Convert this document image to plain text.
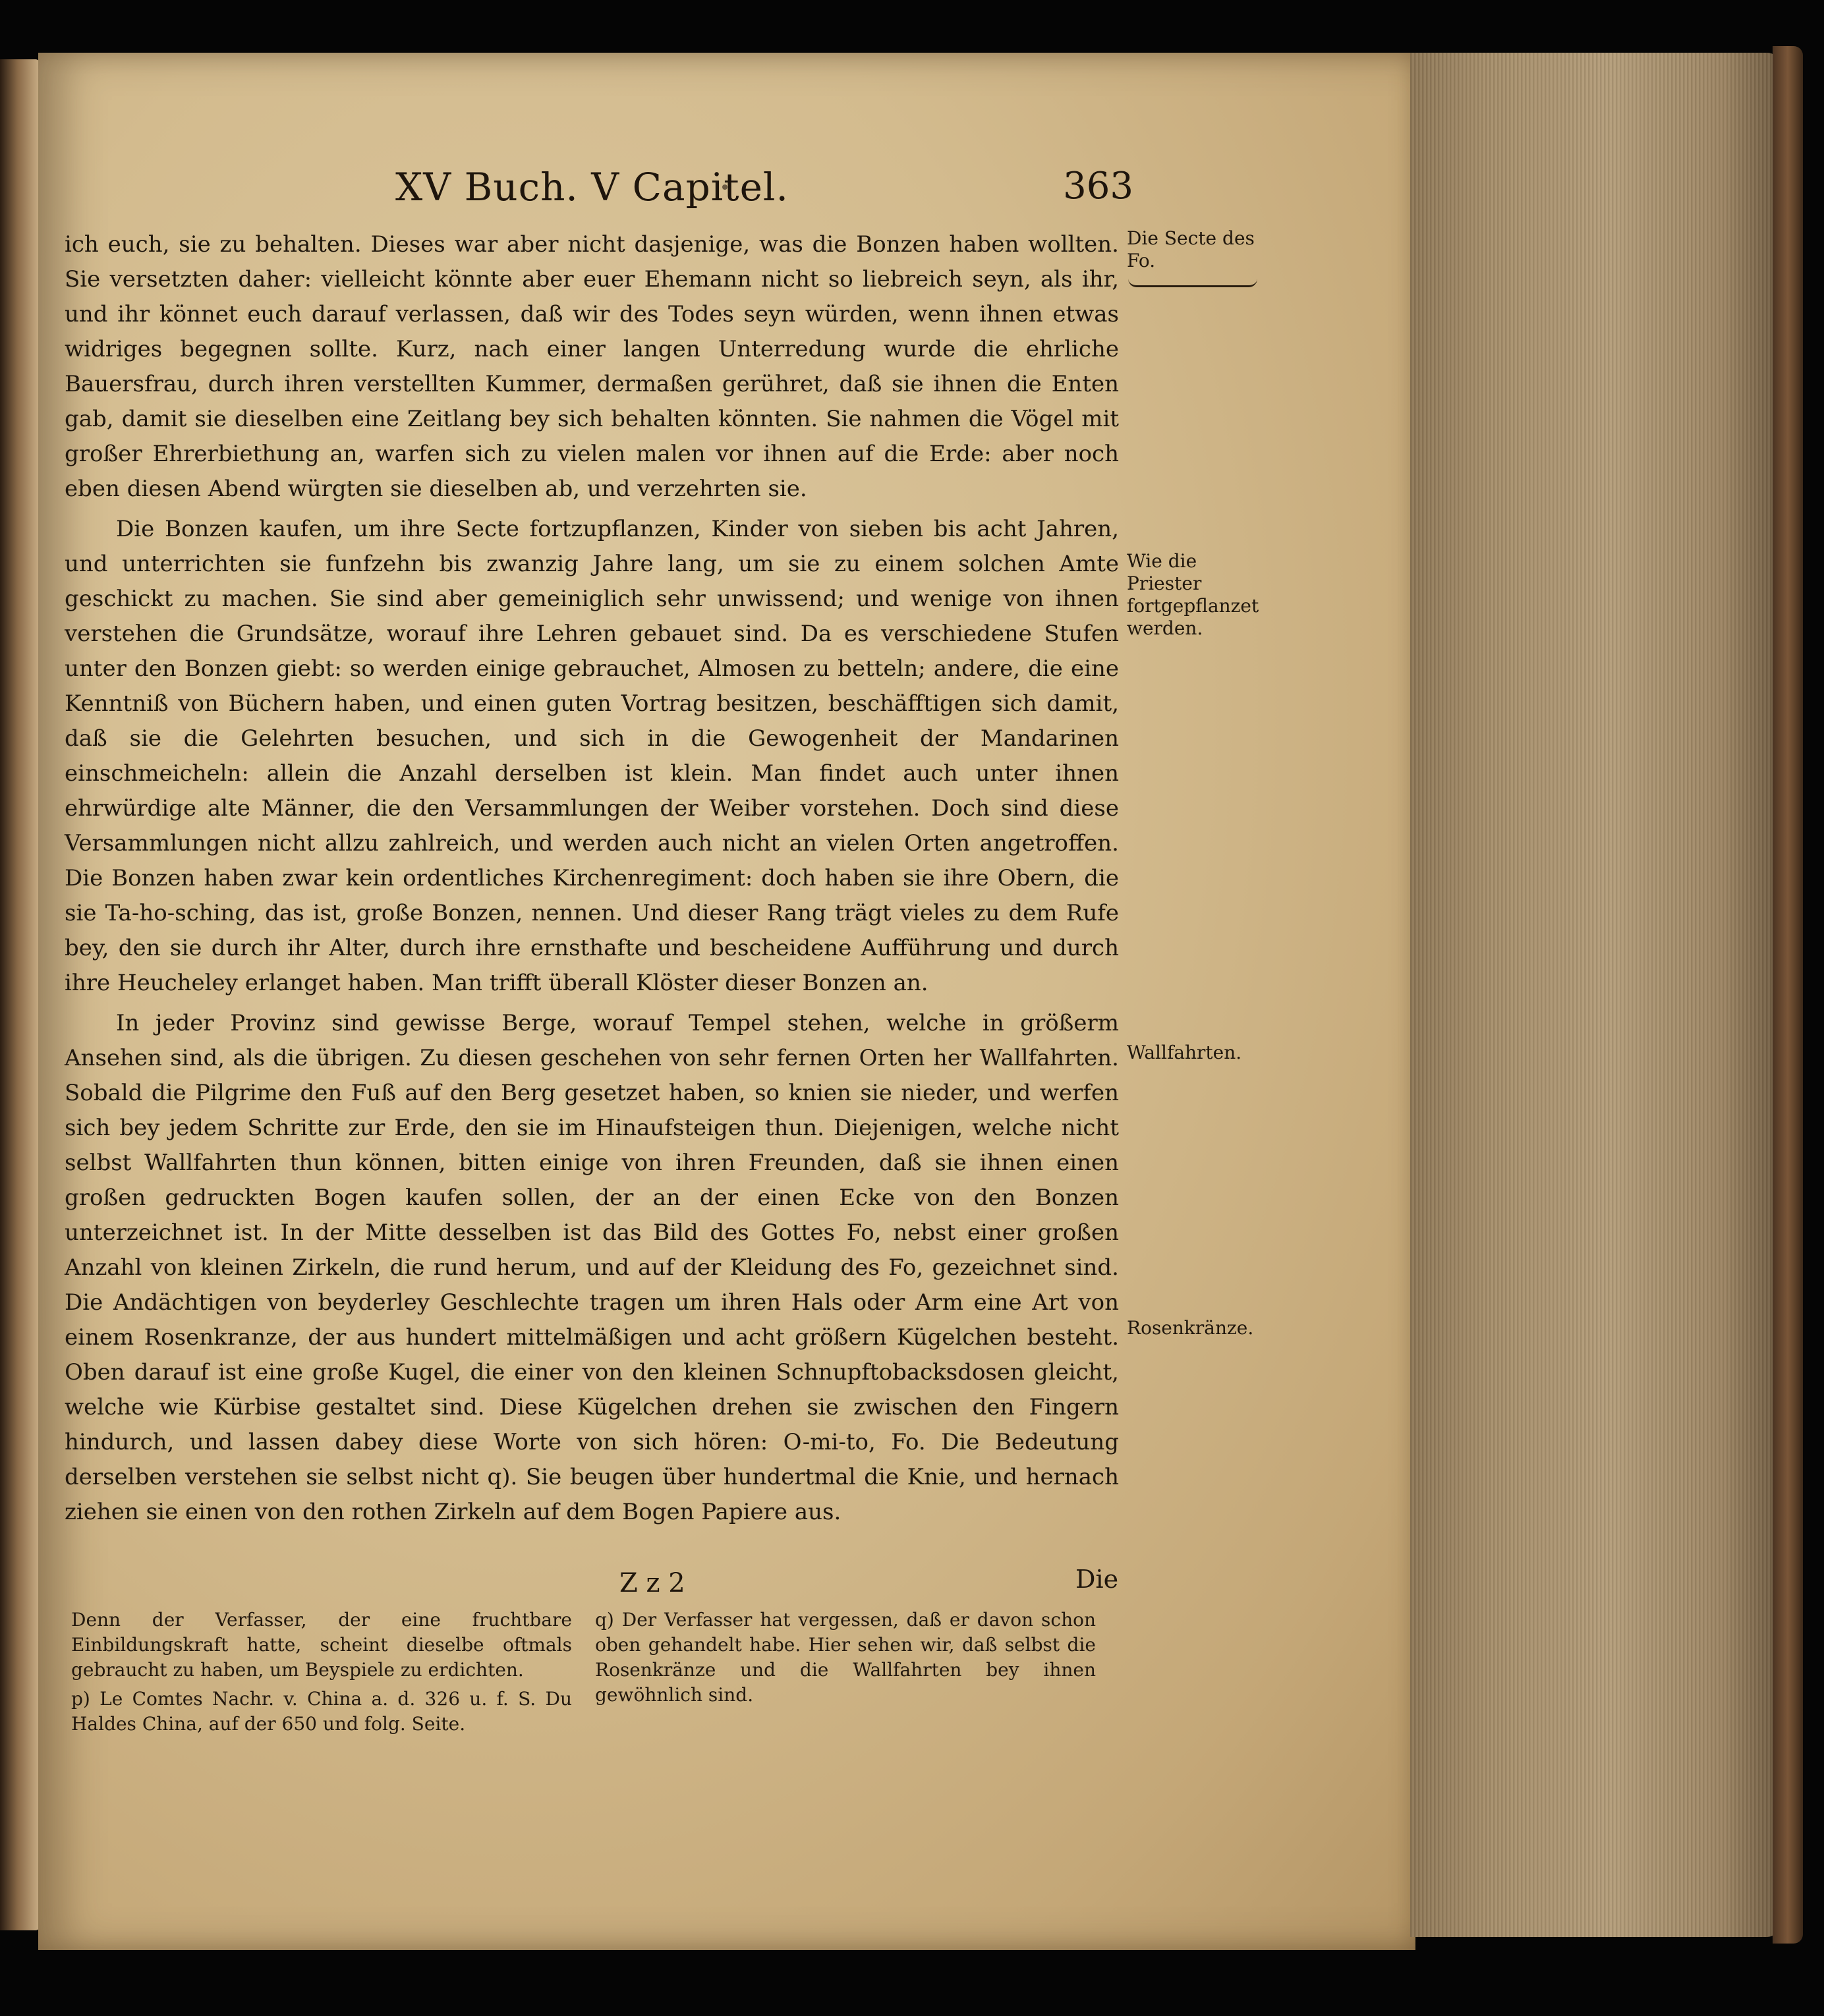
XV Buch. V Capitel.	363

ich euch, sie zu behalten. Dieses war aber nicht dasjenige, was die Bonzen haben wollten. Sie versetzten daher: vielleicht könnte aber euer Ehemann nicht so liebreich seyn, als ihr, und ihr könnet euch darauf verlassen, daß wir des Todes seyn würden, wenn ihnen etwas widriges begegnen sollte. Kurz, nach einer langen Unterredung wurde die ehrliche Bauersfrau, durch ihren verstellten Kummer, dermaßen gerühret, daß sie ihnen die Enten gab, damit sie dieselben eine Zeitlang bey sich behalten könnten. Sie nahmen die Vögel mit großer Ehrerbiethung an, warfen sich zu vielen malen vor ihnen auf die Erde: aber noch eben diesen Abend würgten sie dieselben ab, und verzehrten sie.

Die Bonzen kaufen, um ihre Secte fortzupflanzen, Kinder von sieben bis acht Jahren, und unterrichten sie funfzehn bis zwanzig Jahre lang, um sie zu einem solchen Amte geschickt zu machen. Sie sind aber gemeiniglich sehr unwissend; und wenige von ihnen verstehen die Grundsätze, worauf ihre Lehren gebauet sind. Da es verschiedene Stufen unter den Bonzen giebt: so werden einige gebrauchet, Almosen zu betteln; andere, die eine Kenntniß von Büchern haben, und einen guten Vortrag besitzen, beschäfftigen sich damit, daß sie die Gelehrten besuchen, und sich in die Gewogenheit der Mandarinen einschmeicheln: allein die Anzahl derselben ist klein. Man findet auch unter ihnen ehrwürdige alte Männer, die den Versammlungen der Weiber vorstehen. Doch sind diese Versammlungen nicht allzu zahlreich, und werden auch nicht an vielen Orten angetroffen. Die Bonzen haben zwar kein ordentliches Kirchenregiment: doch haben sie ihre Obern, die sie Ta-ho-sching, das ist, große Bonzen, nennen. Und dieser Rang trägt vieles zu dem Rufe bey, den sie durch ihr Alter, durch ihre ernsthafte und bescheidene Aufführung und durch ihre Heucheley erlanget haben. Man trifft überall Klöster dieser Bonzen an.

In jeder Provinz sind gewisse Berge, worauf Tempel stehen, welche in größerm Ansehen sind, als die übrigen. Zu diesen geschehen von sehr fernen Orten her Wallfahrten. Sobald die Pilgrime den Fuß auf den Berg gesetzet haben, so knien sie nieder, und werfen sich bey jedem Schritte zur Erde, den sie im Hinaufsteigen thun. Diejenigen, welche nicht selbst Wallfahrten thun können, bitten einige von ihren Freunden, daß sie ihnen einen großen gedruckten Bogen kaufen sollen, der an der einen Ecke von den Bonzen unterzeichnet ist. In der Mitte desselben ist das Bild des Gottes Fo, nebst einer großen Anzahl von kleinen Zirkeln, die rund herum, und auf der Kleidung des Fo, gezeichnet sind. Die Andächtigen von beyderley Geschlechte tragen um ihren Hals oder Arm eine Art von einem Rosenkranze, der aus hundert mittelmäßigen und acht größern Kügelchen besteht. Oben darauf ist eine große Kugel, die einer von den kleinen Schnupftobacksdosen gleicht, welche wie Kürbise gestaltet sind. Diese Kügelchen drehen sie zwischen den Fingern hindurch, und lassen dabey diese Worte von sich hören: O-mi-to, Fo. Die Bedeutung derselben verstehen sie selbst nicht q). Sie beugen über hundertmal die Knie, und hernach ziehen sie einen von den rothen Zirkeln auf dem Bogen Papiere aus.

Die Secte des Fo.
Wie die Priester fortgepflanzet werden.
Wallfahrten.
Rosenkränze.
Z z 2	Die

Denn der Verfasser, der eine fruchtbare Einbildungskraft hatte, scheint dieselbe oftmals gebraucht zu haben, um Beyspiele zu erdichten.

p) Le Comtes Nachr. v. China a. d. 326 u. f. S. Du Haldes China, auf der 650 und folg. Seite.

q) Der Verfasser hat vergessen, daß er davon schon oben gehandelt habe. Hier sehen wir, daß selbst die Rosenkränze und die Wallfahrten bey ihnen gewöhnlich sind.
